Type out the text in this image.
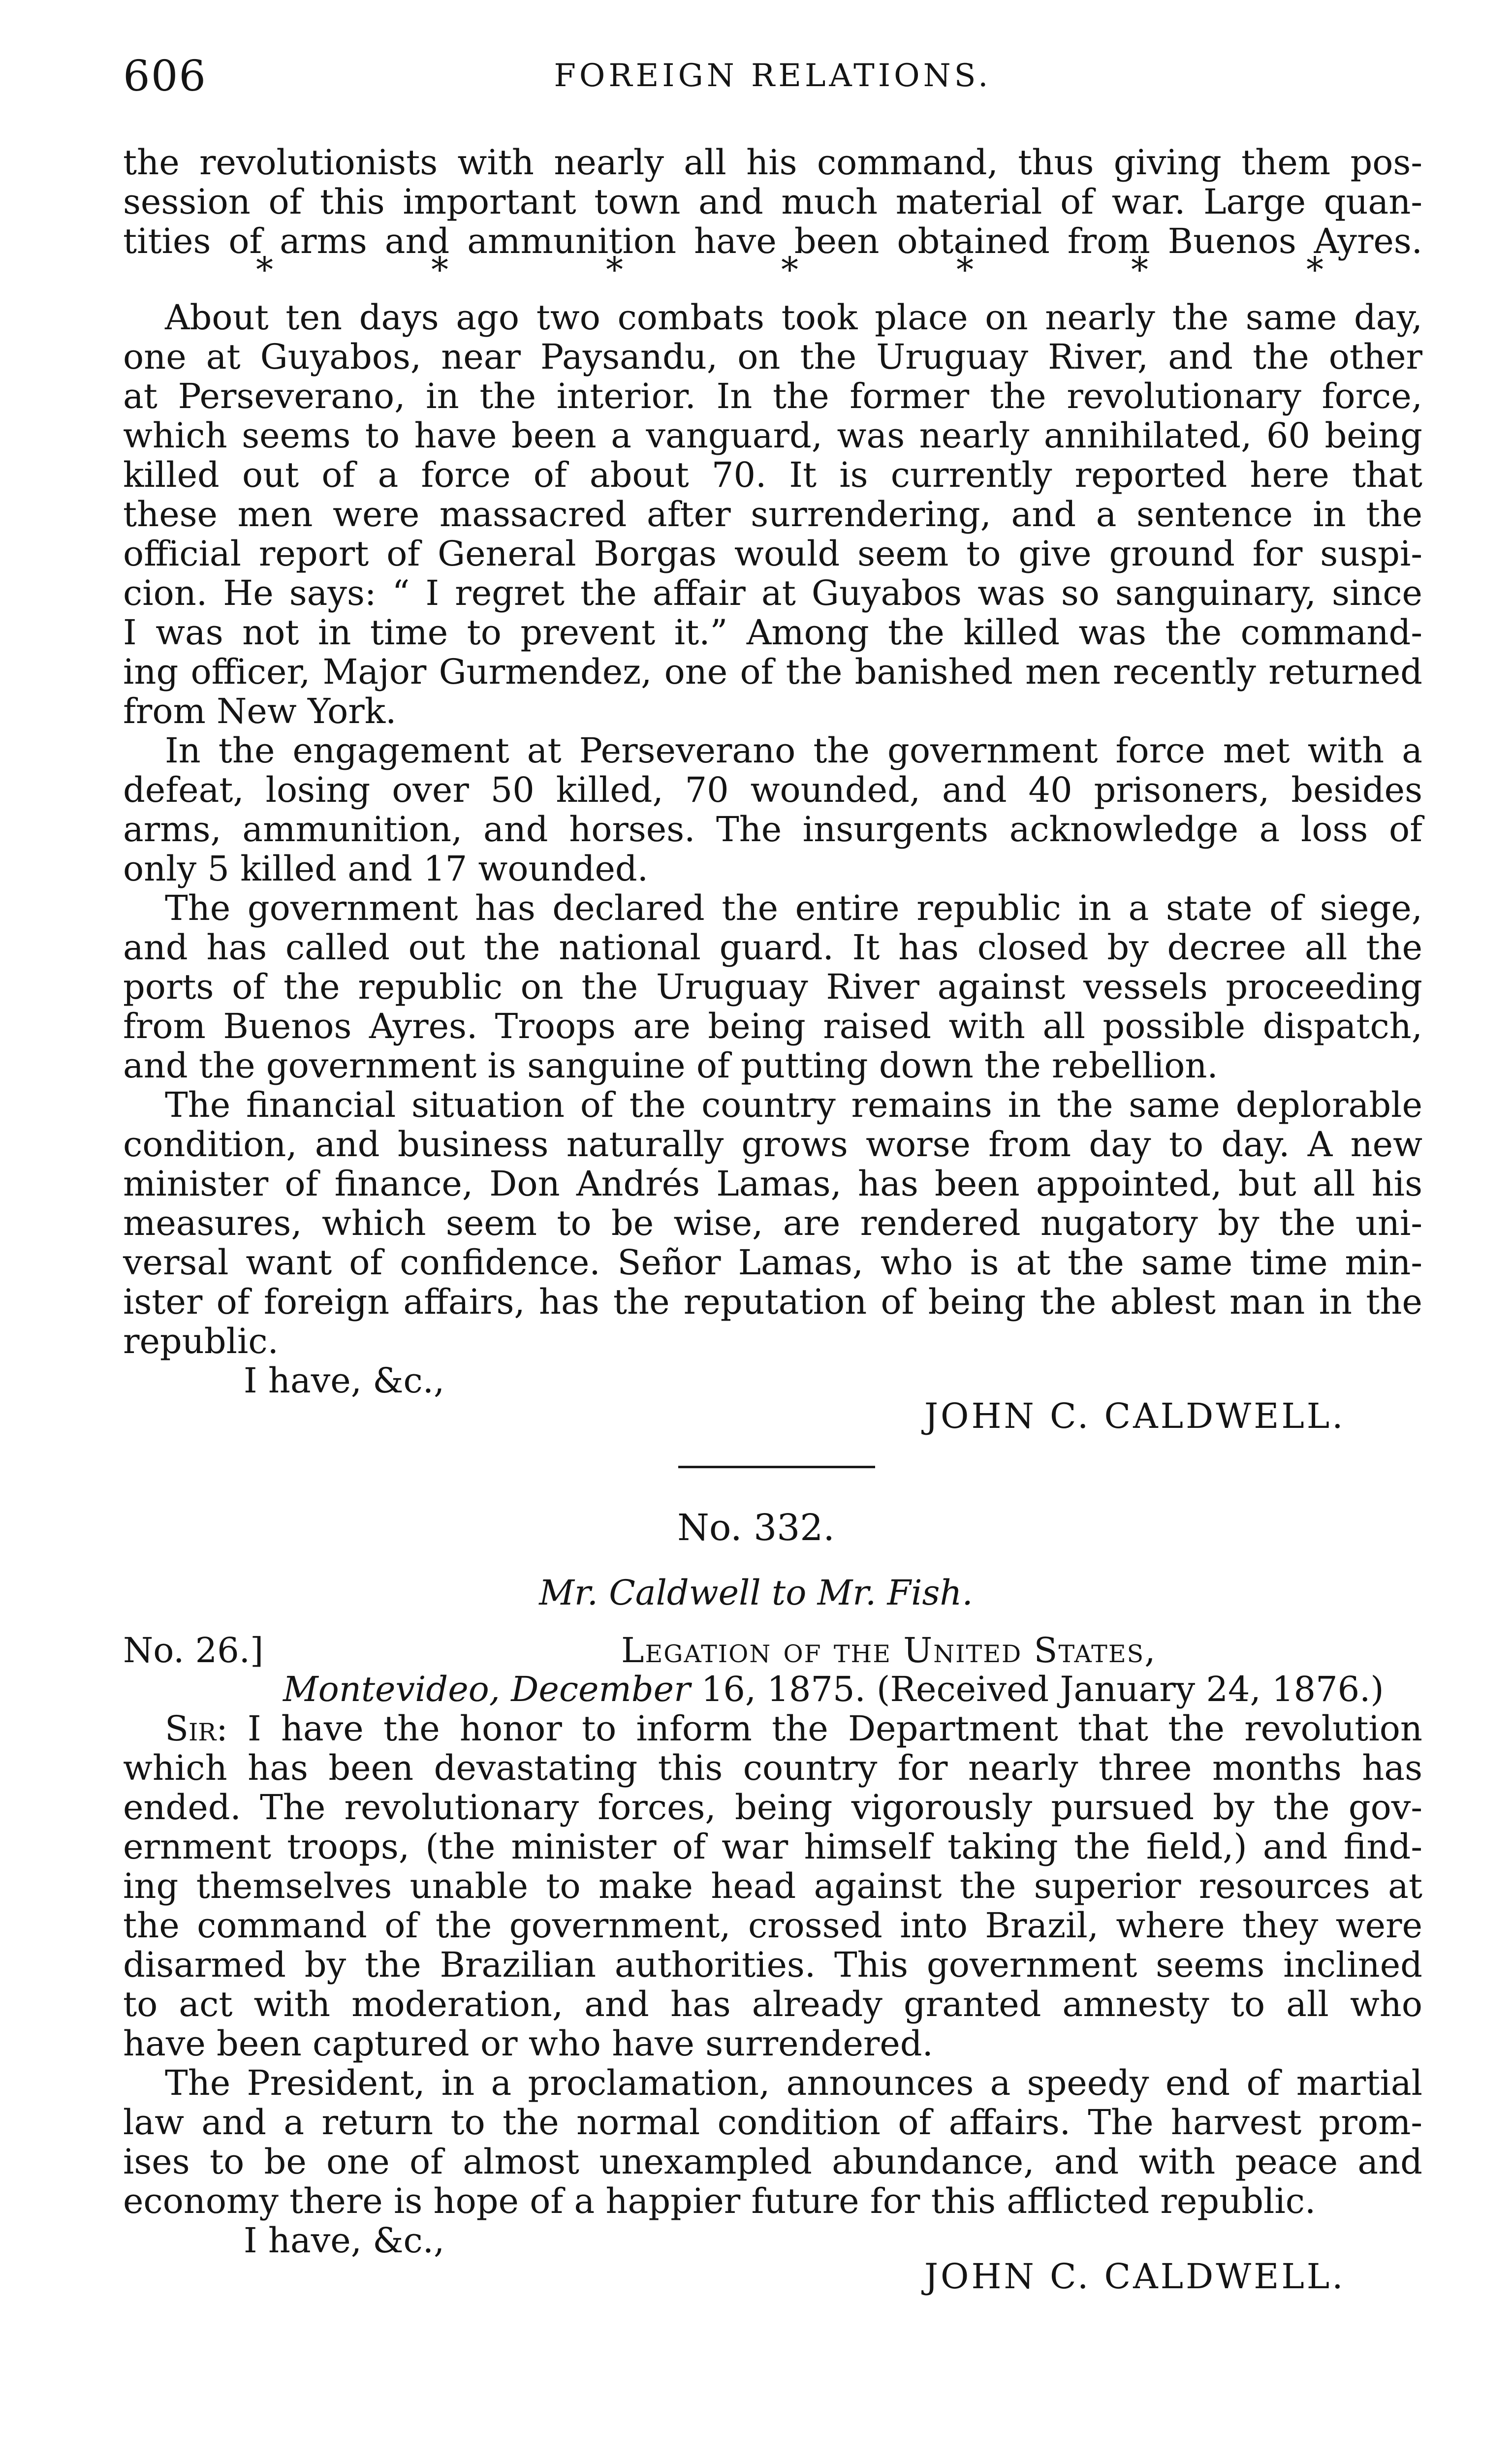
606	FOREIGN RELATIONS.
the revolutionists with nearly all his command, thus giving them pos-
session of this important town and much material of war. Large quan-
tities of arms and ammunition have been obtained from Buenos Ayres.
*	*	*	*	*	*	*
About ten days ago two combats took place on nearly the same day,
one at Guyabos, near Paysandu, on the Uruguay River, and the other
at Perseverano, in the interior. In the former the revolutionary force,
which seems to have been a vanguard, was nearly annihilated, 60 being
killed out of a force of about 70. It is currently reported here that
these men were massacred after surrendering, and a sentence in the
official report of General Borgas would seem to give ground for suspi-
cion. He says: “ I regret the affair at Guyabos was so sanguinary, since
I was not in time to prevent it.” Among the killed was the command-
ing officer, Major Gurmendez, one of the banished men recently returned
from New York.
In the engagement at Perseverano the government force met with a
defeat, losing over 50 killed, 70 wounded, and 40 prisoners, besides
arms, ammunition, and horses. The insurgents acknowledge a loss of
only 5 killed and 17 wounded.
The government has declared the entire republic in a state of siege,
and has called out the national guard. It has closed by decree all the
ports of the republic on the Uruguay River against vessels proceeding
from Buenos Ayres. Troops are being raised with all possible dispatch,
and the government is sanguine of putting down the rebellion.
The financial situation of the country remains in the same deplorable
condition, and business naturally grows worse from day to day. A new
minister of finance, Don Andrés Lamas, has been appointed, but all his
measures, which seem to be wise, are rendered nugatory by the uni-
versal want of confidence. Señor Lamas, who is at the same time min-
ister of foreign affairs, has the reputation of being the ablest man in the
republic.
I have, &c.,
JOHN C. CALDWELL.
No. 332.
Mr. Caldwell to Mr. Fish.
No. 26.]	Legation of the United States,
Montevideo, December 16, 1875. (Received January 24, 1876.)
Sir: I have the honor to inform the Department that the revolution
which has been devastating this country for nearly three months has
ended. The revolutionary forces, being vigorously pursued by the gov-
ernment troops, (the minister of war himself taking the field,) and find-
ing themselves unable to make head against the superior resources at
the command of the government, crossed into Brazil, where they were
disarmed by the Brazilian authorities. This government seems inclined
to act with moderation, and has already granted amnesty to all who
have been captured or who have surrendered.
The President, in a proclamation, announces a speedy end of martial
law and a return to the normal condition of affairs. The harvest prom-
ises to be one of almost unexampled abundance, and with peace and
economy there is hope of a happier future for this afflicted republic.
I have, &c.,
JOHN C. CALDWELL.
